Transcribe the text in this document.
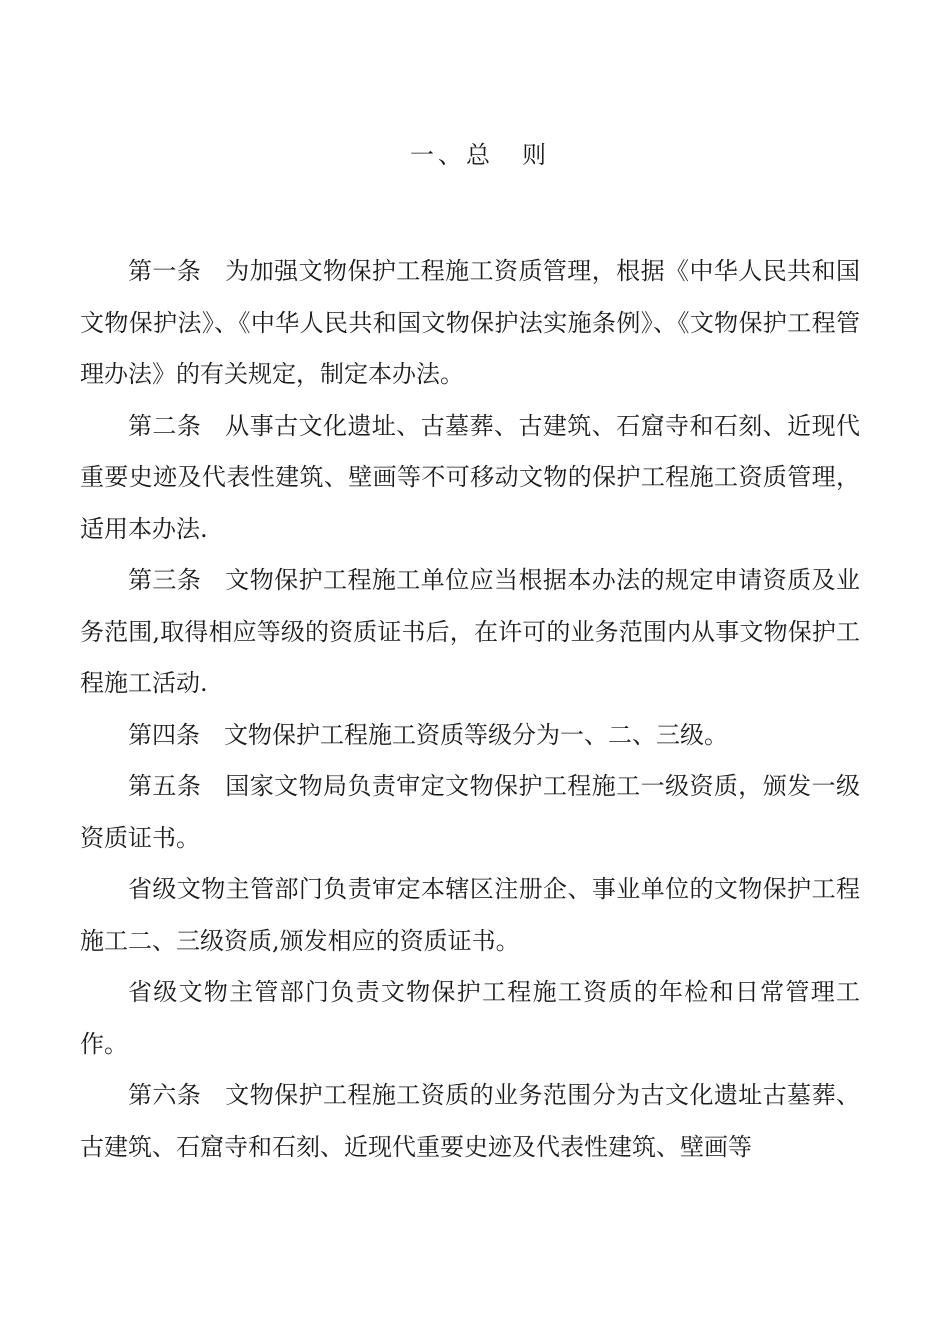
一、总　则

第一条 为加强文物保护工程施工资质管理，根据《中华人民共和国文物保护法》、《中华人民共和国文物保护法实施条例》、《文物保护工程管理办法》的有关规定，制定本办法。

第二条 从事古文化遗址、古墓葬、古建筑、石窟寺和石刻、近现代重要史迹及代表性建筑、壁画等不可移动文物的保护工程施工资质管理，适用本办法.

第三条 文物保护工程施工单位应当根据本办法的规定申请资质及业务范围,取得相应等级的资质证书后，在许可的业务范围内从事文物保护工程施工活动.

第四条 文物保护工程施工资质等级分为一、二、三级。

第五条 国家文物局负责审定文物保护工程施工一级资质，颁发一级资质证书。

省级文物主管部门负责审定本辖区注册企、事业单位的文物保护工程施工二、三级资质,颁发相应的资质证书。

省级文物主管部门负责文物保护工程施工资质的年检和日常管理工作。

第六条 文物保护工程施工资质的业务范围分为古文化遗址古墓葬、古建筑、石窟寺和石刻、近现代重要史迹及代表性建筑、壁画等
